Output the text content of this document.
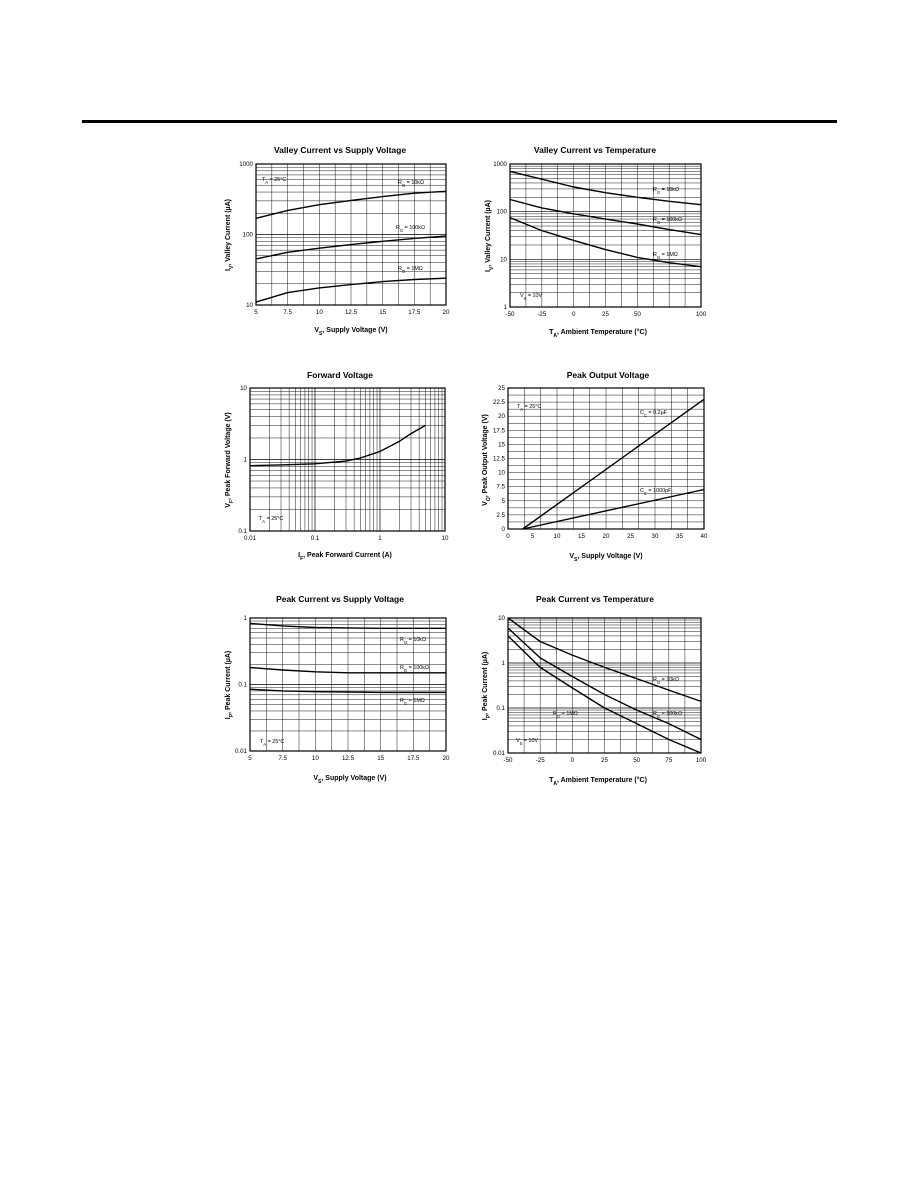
Valley Current vs Supply Voltage
5	7.5	10	12.5	15	17.5	20
10
100
1000
$T_A = 25^\circ C$	$R_G = 10k\Omega$
$R_G = 100k\Omega$
$R_G = 1M\Omega$
$V_S$, Supply Voltage (V)
$I_V$, Valley Current (µA)
Valley Current vs Temperature
-50	-25	0	25	50	100
1
10
100
1000
$R_G = 10k\Omega$
$R_G = 100k\Omega$
$R_G = 1M\Omega$
$V_S = 10V$
$T_A$, Ambient Temperature (°C)
$I_V$, Valley Current (µA)
Forward Voltage
0.01	0.1	1	10
0.1
1
10
$T_A = 25^\circ C$
$I_F$, Peak Forward Current (A)
$V_F$, Peak Forward Voltage (V)
Peak Output Voltage
0	5	10	15	20	25	30	35	40
0
2.5
5
7.5
10
12.5
15
17.5
20
22.5
25
$T_A = 25^\circ C$
$C_C = 0.2\mu F$
$C_C = 1000pF$
$V_S$, Supply Voltage (V)
$V_O$, Peak Output Voltage (V)
Peak Current vs Supply Voltage
5	7.5	10	12.5	15	17.5	20
0.01
0.1
1
$R_G = 10k\Omega$
$R_G = 100k\Omega$
$R_G = 1M\Omega$
$T_A = 25^\circ C$
$V_S$, Supply Voltage (V)
$I_P$, Peak Current (µA)
Peak Current vs Temperature
-50	-25	0	25	50	75	100
0.01
0.1
1
10
$R_G = 10k\Omega$
$R_G = 1M\Omega$	$R_G = 100k\Omega$
$V_S = 10V$
$T_A$, Ambient Temperature (°C)
$I_P$, Peak Current (µA)
